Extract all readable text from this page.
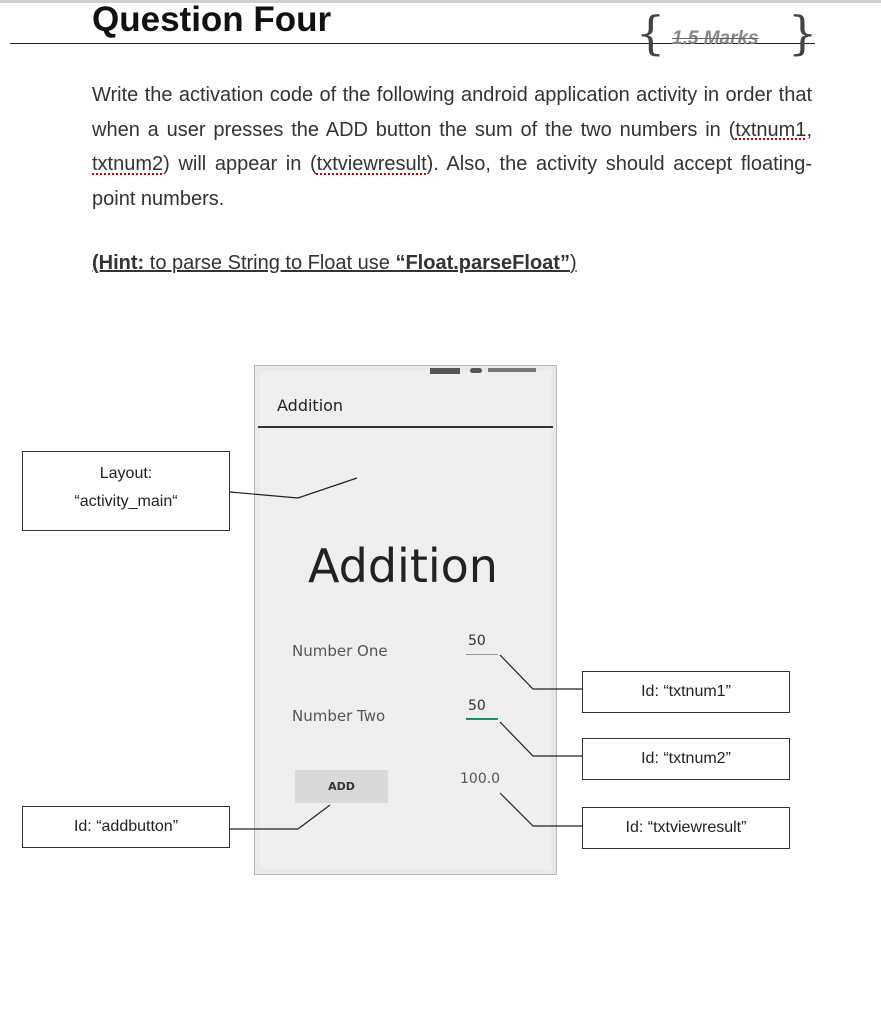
Question Four	{ 1.5 Marks }

Write the activation code of the following android application activity in order that when a user presses the ADD button the sum of the two numbers in (txtnum1, txtnum2) will appear in (txtviewresult). Also, the activity should accept floating-point numbers.

(Hint: to parse String to Float use “Float.parseFloat”)
Addition
Addition
Number One
50
Number Two
50
ADD	100.0
Layout:
“activity_main“
Id: “addbutton”
Id: “txtnum1”
Id: “txtnum2”
Id: “txtviewresult”
